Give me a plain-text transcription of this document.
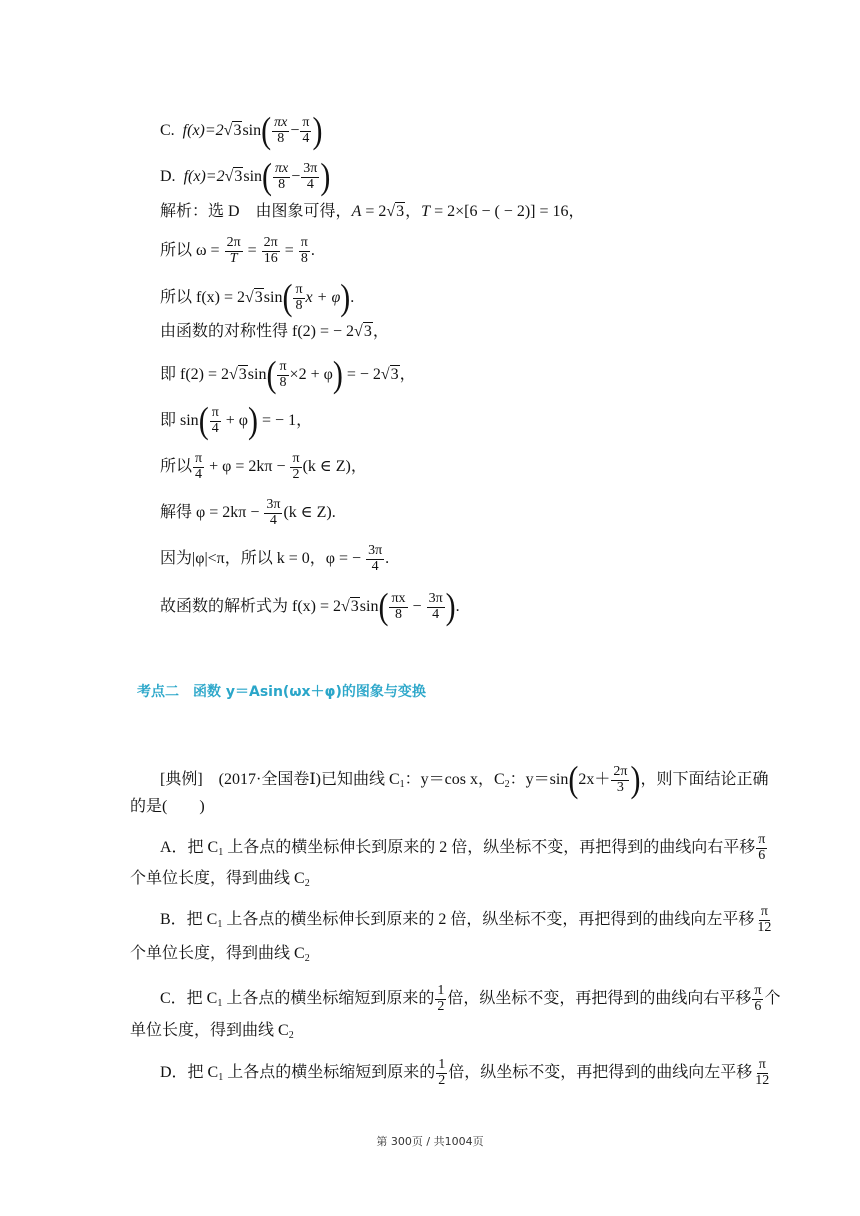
C. $f(x)=2√3\sin( \frac{\pi x}{8} - \frac{\pi}{4}$ )
D. $f(x)=2√3\sin( \frac{\pi x}{8} - \frac{3\pi}{4}$ )
解析：选 D　由图象可得，A = 2√3，T = 2×[6 − ( − 2)] = 16，
所以 $\omega = \frac{2\pi}{T} = \frac{2\pi}{16} = \frac{\pi}{8}$ .
所以 $f(x) = 2√3\sin( \frac{\pi}{8}$ x + φ).
由函数的对称性得 f(2) = − 2√3，
即 $f(2) = 2√3\sin( \frac{\pi}{8} \times 2 + \varphi)$ = − 2√3，
即 $\sin( \frac{\pi}{4} + \varphi)$ = − 1，
所以 $\frac{\pi}{4} + \varphi = 2k\pi - \frac{\pi}{2} (k$ ∈ Z)，
解得 $\varphi = 2k\pi - \frac{3\pi}{4} (k$ ∈ Z).
因为|φ|<π，所以 k = 0，φ = − $\frac{3\pi}{4}$ .
故函数的解析式为 $f(x) = 2√3\sin( \frac{\pi x}{8} - \frac{3\pi}{4}$ ).
考点二　函数 y＝Asin(ωx＋φ)的图象与变换
[典例]　(2017·全国卷Ⅰ)已知曲线 $C_1$：y＝cos x，$C_2$：$y=\sin(2x+ \frac{2\pi}{3}$ )，则下面结论正确
的是(　　)
A．把 $C_1$ 上各点的横坐标伸长到原来的 2 倍，纵坐标不变，再把得到的曲线向右平移 $\frac{\pi}{6}$
个单位长度，得到曲线 $C_2$
B．把 $C_1$ 上各点的横坐标伸长到原来的 2 倍，纵坐标不变，再把得到的曲线向左平移 $\frac{\pi}{12}$
个单位长度，得到曲线 $C_2$
C．把 $C_1$ 上各点的横坐标缩短到原来的 $\frac{1}{2}$ 倍，纵坐标不变，再把得到的曲线向右平移 $\frac{\pi}{6}$ 个
单位长度，得到曲线 $C_2$
D．把 $C_1$ 上各点的横坐标缩短到原来的 $\frac{1}{2}$ 倍，纵坐标不变，再把得到的曲线向左平移 $\frac{\pi}{12}$
第 300页 / 共1004页
